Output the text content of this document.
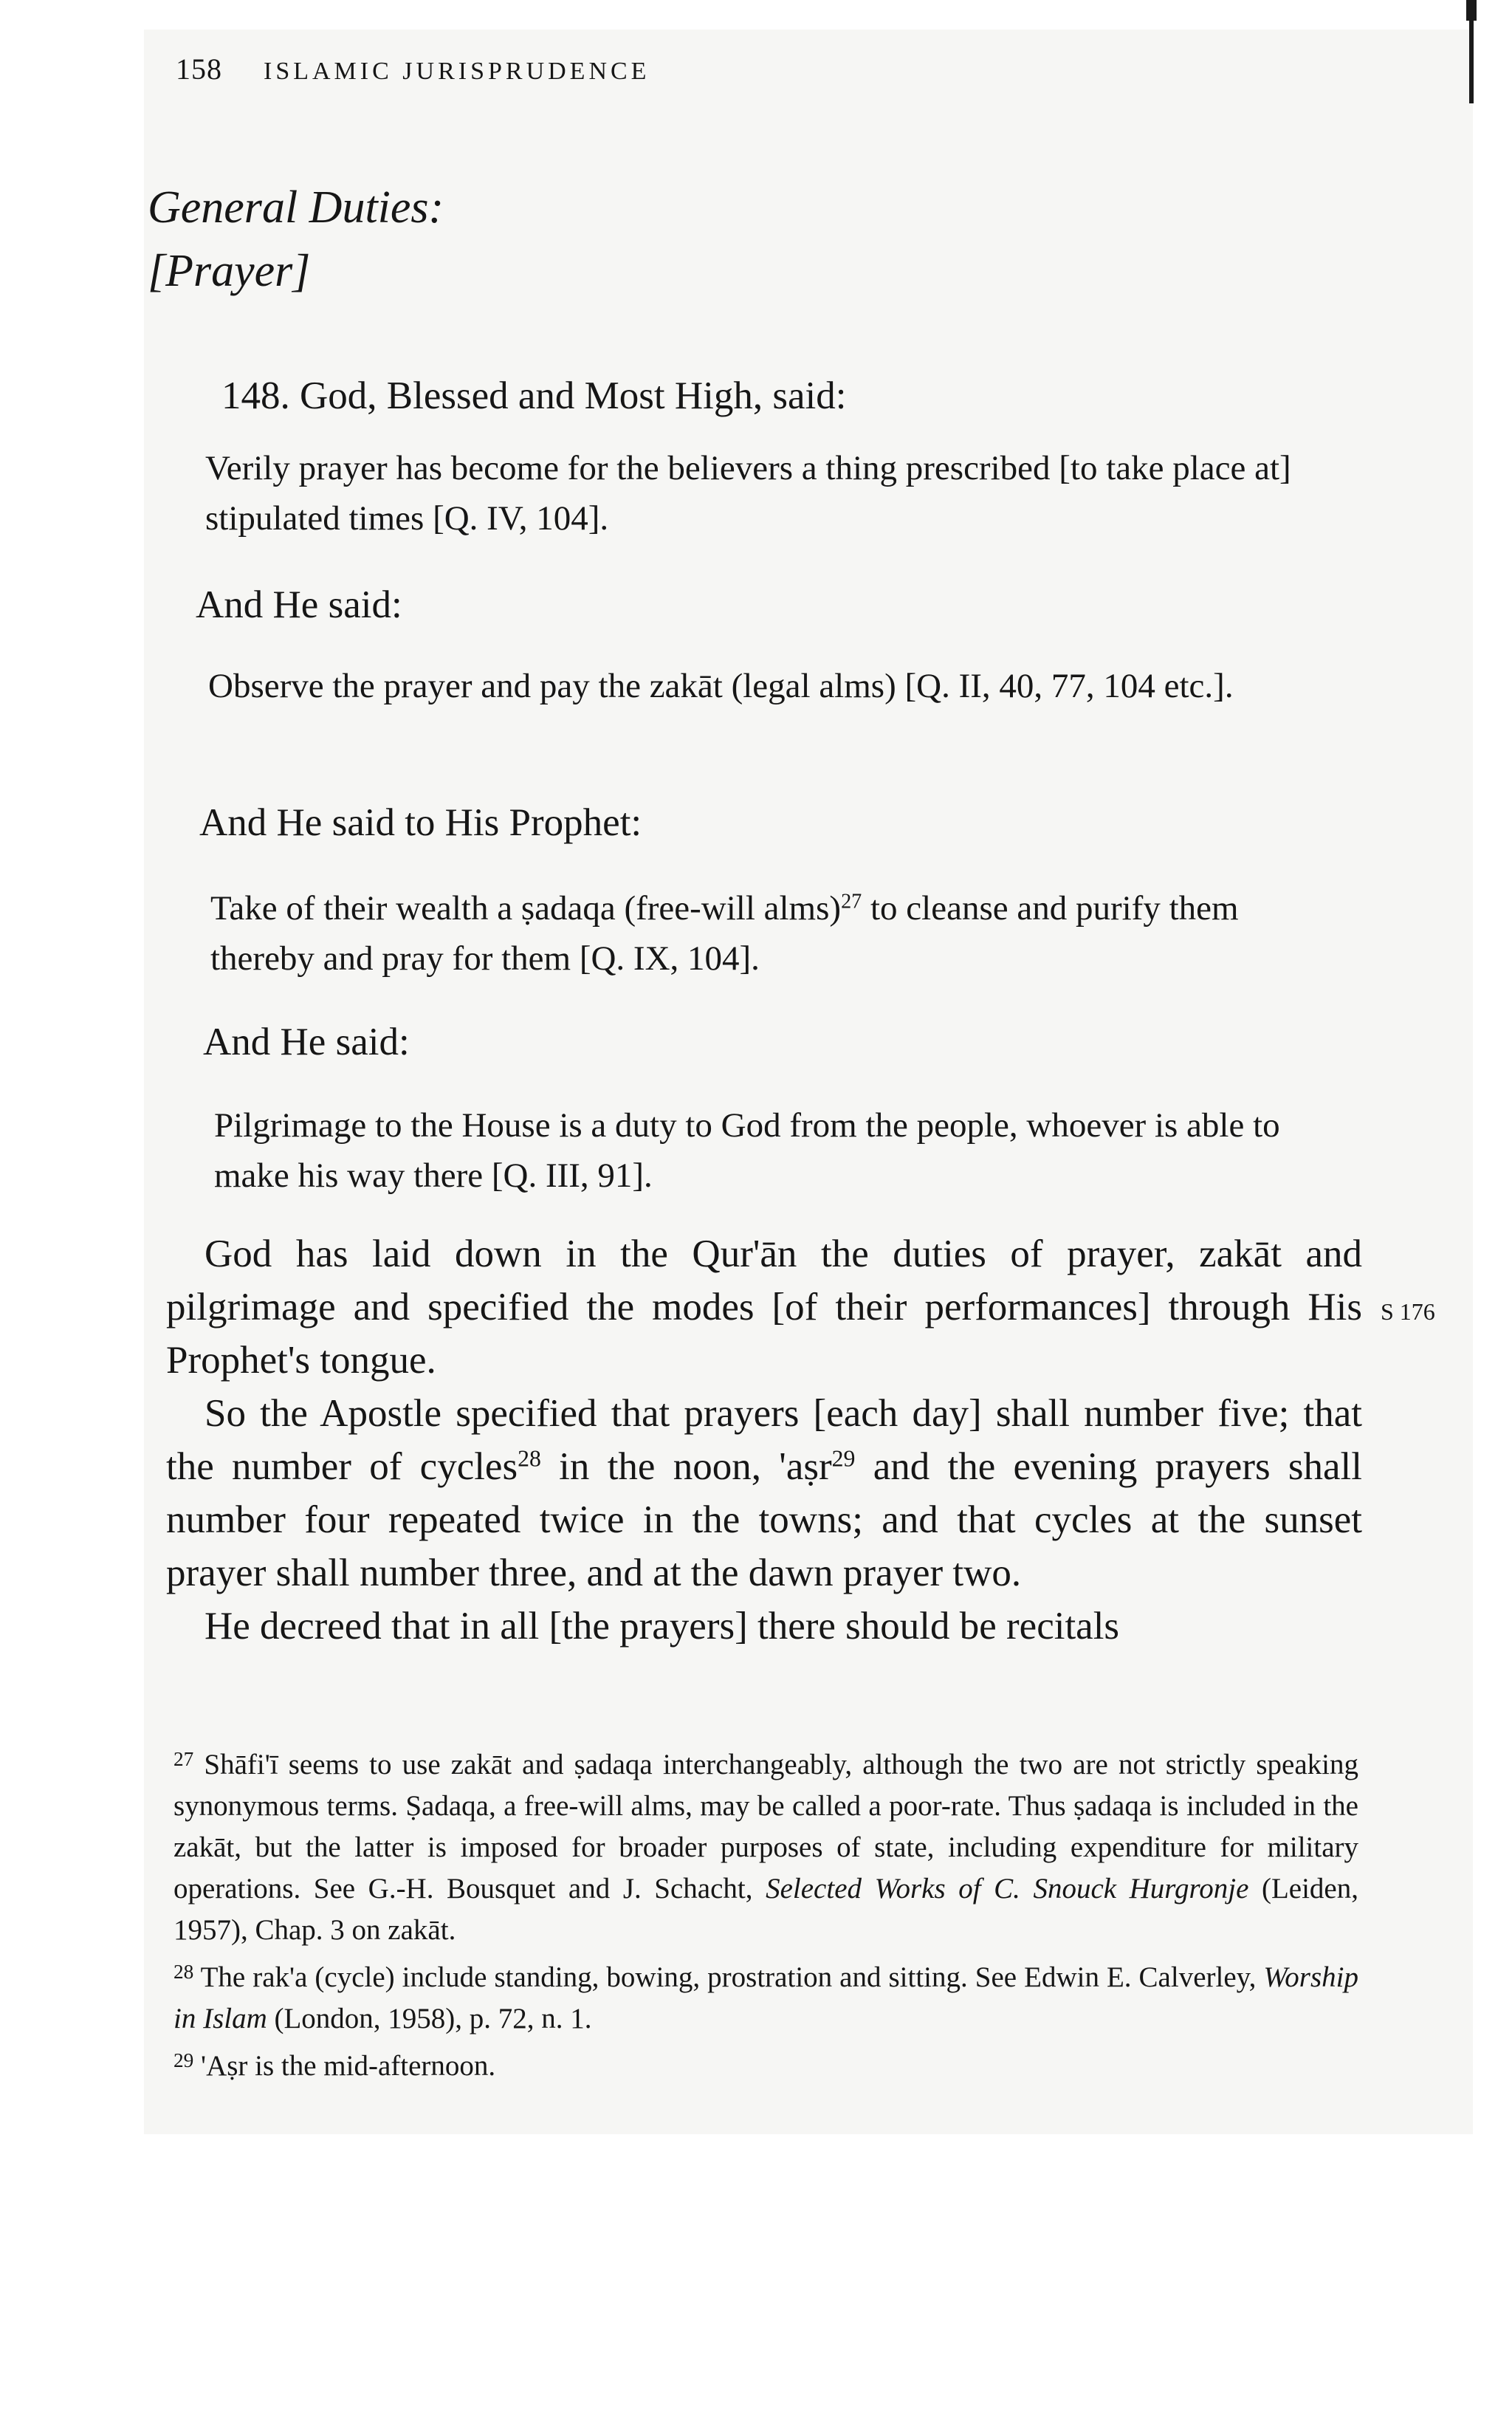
158 ISLAMIC JURISPRUDENCE
General Duties:
[Prayer]
148. God, Blessed and Most High, said:
Verily prayer has become for the believers a thing prescribed [to take place at] stipulated times [Q. IV, 104].
And He said:
Observe the prayer and pay the zakāt (legal alms) [Q. II, 40, 77, 104 etc.].
And He said to His Prophet:
Take of their wealth a ṣadaqa (free-will alms)$^{27}$ to cleanse and purify them thereby and pray for them [Q. IX, 104].
And He said:
Pilgrimage to the House is a duty to God from the people, whoever is able to make his way there [Q. III, 91].

God has laid down in the Qur'ān the duties of prayer, zakāt and pilgrimage and specified the modes [of their performances] through His Prophet's tongue.

So the Apostle specified that prayers [each day] shall number five; that the number of cycles$^{28}$ in the noon, 'aṣr$^{29}$ and the evening prayers shall number four repeated twice in the towns; and that cycles at the sunset prayer shall number three, and at the dawn prayer two.

He decreed that in all [the prayers] there should be recitals

S 176

$^{27}$ Shāfi'ī seems to use zakāt and ṣadaqa interchangeably, although the two are not strictly speaking synonymous terms. Ṣadaqa, a free-will alms, may be called a poor-rate. Thus ṣadaqa is included in the zakāt, but the latter is imposed for broader purposes of state, including expenditure for military operations. See G.-H. Bousquet and J. Schacht, Selected Works of C. Snouck Hurgronje (Leiden, 1957), Chap. 3 on zakāt.

$^{28}$ The rak'a (cycle) include standing, bowing, prostration and sitting. See Edwin E. Calverley, Worship in Islam (London, 1958), p. 72, n. 1.

$^{29}$ 'Aṣr is the mid-afternoon.
